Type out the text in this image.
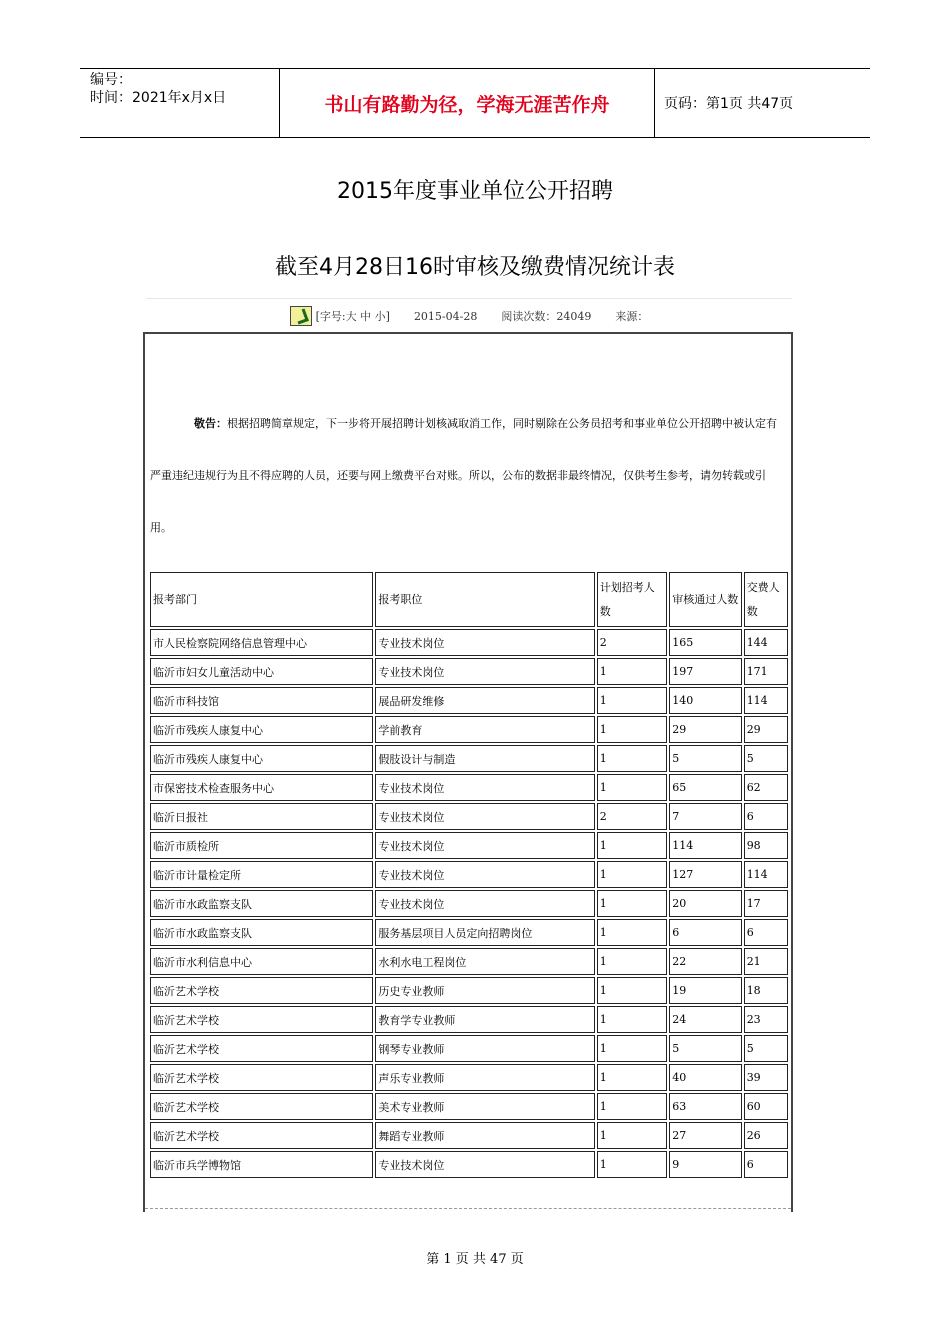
编号：
时间：2021年x月x日	书山有路勤为径，学海无涯苦作舟	页码：第1页 共47页
2015年度事业单位公开招聘
截至4月28日16时审核及缴费情况统计表
[字号:大 中 小] 2015-04-28 阅读次数：24049 来源：
敬告：根据招聘简章规定，下一步将开展招聘计划核减取消工作，同时剔除在公务员招考和事业单位公开招聘中被认定有严重违纪违规行为且不得应聘的人员，还要与网上缴费平台对账。所以，公布的数据非最终情况，仅供考生参考，请勿转载或引用。
报考部门	报考职位	计划招考人数	审核通过人数	交费人数
市人民检察院网络信息管理中心	专业技术岗位	2	165	144
临沂市妇女儿童活动中心	专业技术岗位	1	197	171
临沂市科技馆	展品研发维修	1	140	114
临沂市残疾人康复中心	学前教育	1	29	29
临沂市残疾人康复中心	假肢设计与制造	1	5	5
市保密技术检查服务中心	专业技术岗位	1	65	62
临沂日报社	专业技术岗位	2	7	6
临沂市质检所	专业技术岗位	1	114	98
临沂市计量检定所	专业技术岗位	1	127	114
临沂市水政监察支队	专业技术岗位	1	20	17
临沂市水政监察支队	服务基层项目人员定向招聘岗位	1	6	6
临沂市水利信息中心	水利水电工程岗位	1	22	21
临沂艺术学校	历史专业教师	1	19	18
临沂艺术学校	教育学专业教师	1	24	23
临沂艺术学校	钢琴专业教师	1	5	5
临沂艺术学校	声乐专业教师	1	40	39
临沂艺术学校	美术专业教师	1	63	60
临沂艺术学校	舞蹈专业教师	1	27	26
临沂市兵学博物馆	专业技术岗位	1	9	6
第 1 页 共 47 页
